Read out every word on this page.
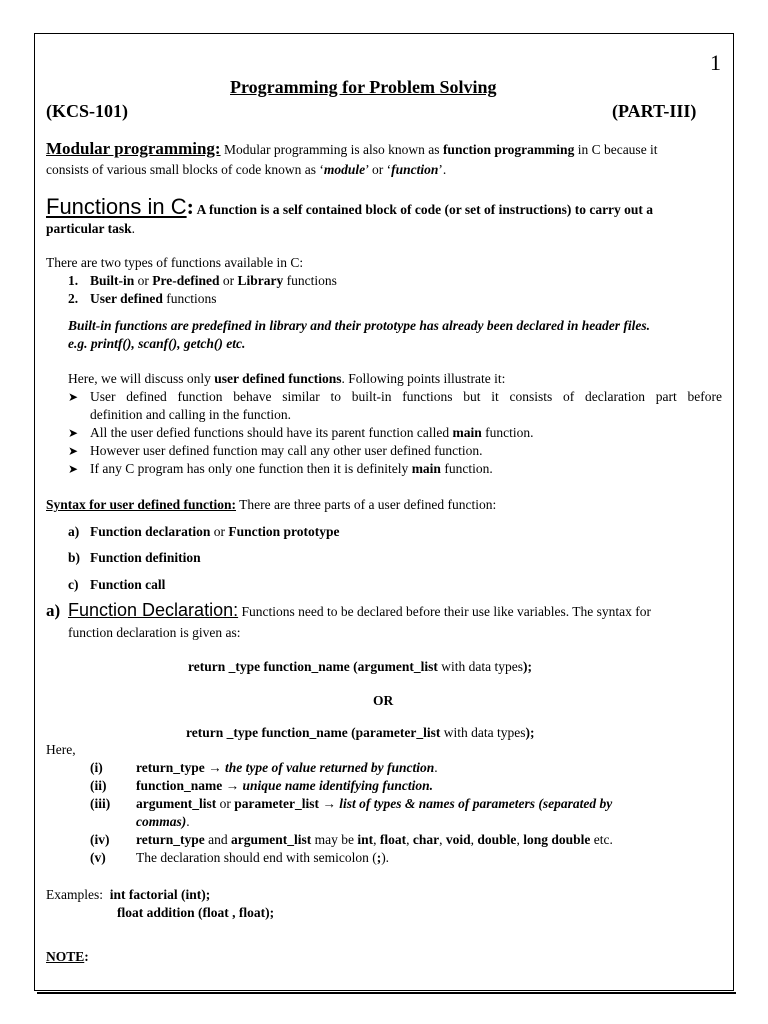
1
Programming for Problem Solving
(KCS-101)	(PART-III)
Modular programming: Modular programming is also known as function programming in C because it
consists of various small blocks of code known as ‘module’ or ‘function’.
Functions in C: A function is a self contained block of code (or set of instructions) to carry out a
particular task.
There are two types of functions available in C:
1. Built-in or Pre-defined or Library functions
2. User defined functions
Built-in functions are predefined in library and their prototype has already been declared in header files.
e.g. printf(), scanf(), getch() etc.
Here, we will discuss only user defined functions. Following points illustrate it:
➤ User defined function behave similar to built-in functions but it consists of declaration part before
definition and calling in the function.
➤ All the user defied functions should have its parent function called main function.
➤ However user defined function may call any other user defined function.
➤ If any C program has only one function then it is definitely main function.
Syntax for user defined function: There are three parts of a user defined function:
a) Function declaration or Function prototype
b) Function definition
c) Function call
a) Function Declaration: Functions need to be declared before their use like variables. The syntax for
function declaration is given as:
return _type function_name (argument_list with data types);
OR
return _type function_name (parameter_list with data types);
Here,
(i) return_type → the type of value returned by function.
(ii) function_name → unique name identifying function.
(iii) argument_list or parameter_list → list of types & names of parameters (separated by
commas).
(iv) return_type and argument_list may be int, float, char, void, double, long double etc.
(v) The declaration should end with semicolon (;).
Examples: int factorial (int);
float addition (float , float);
NOTE:
